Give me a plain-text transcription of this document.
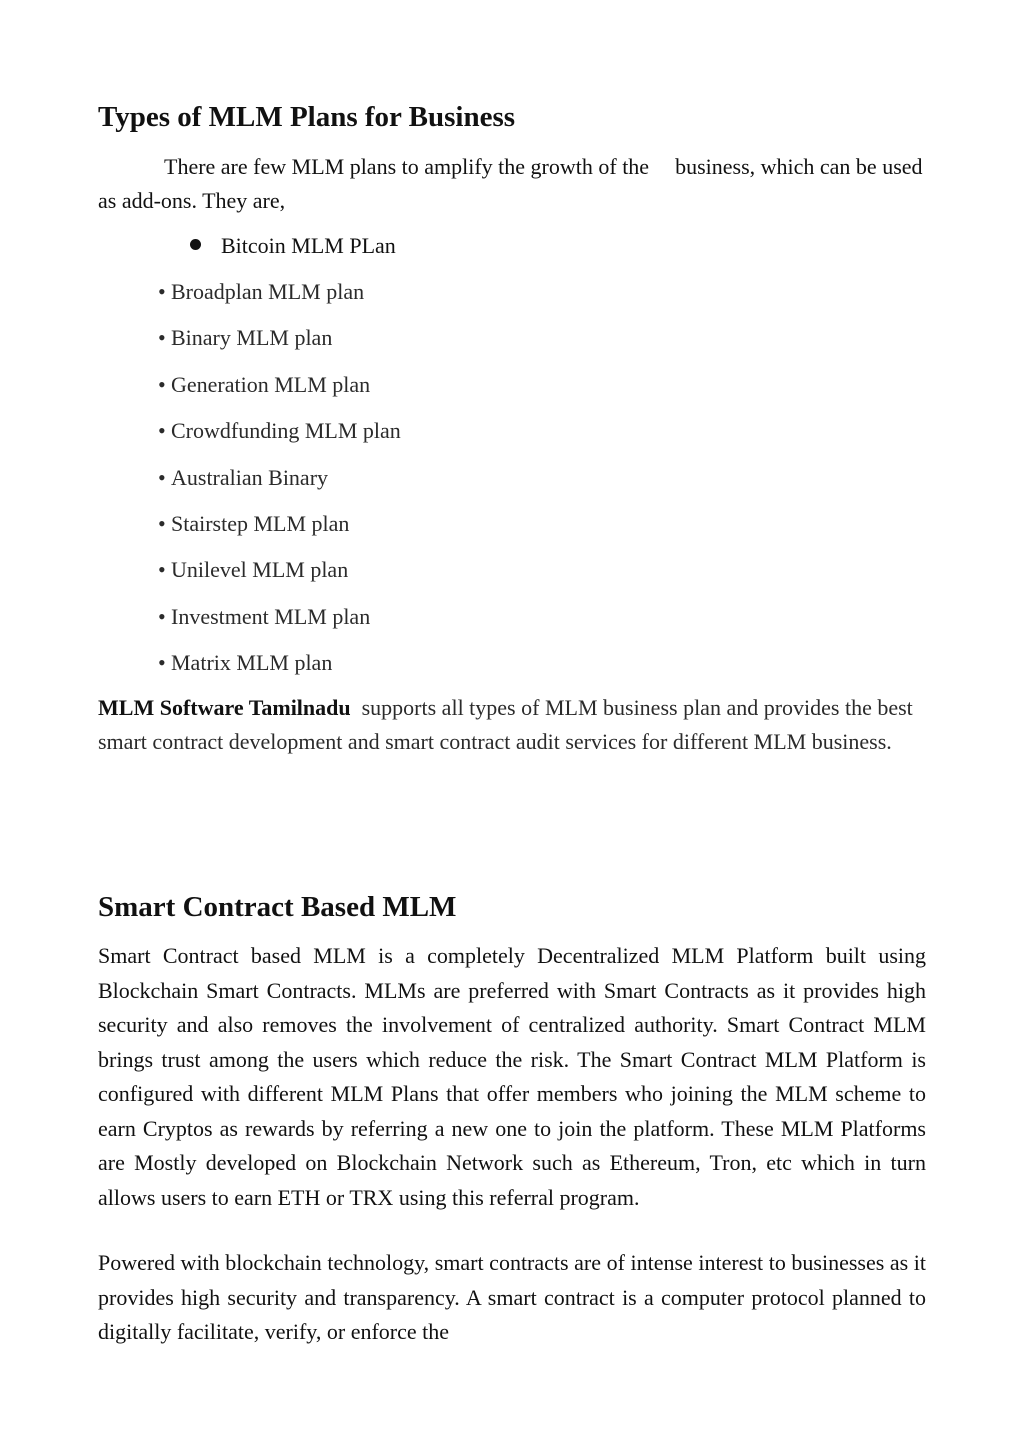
Types of MLM Plans for Business

There are few MLM plans to amplify the growth of the business, which can be used as add-ons. They are,

Bitcoin MLM PLan
• Broadplan MLM plan
• Binary MLM plan
• Generation MLM plan
• Crowdfunding MLM plan
• Australian Binary
• Stairstep MLM plan
• Unilevel MLM plan
• Investment MLM plan
• Matrix MLM plan

MLM Software Tamilnadu supports all types of MLM business plan and provides the best smart contract development and smart contract audit services for different MLM business.

Smart Contract Based MLM

Smart Contract based MLM is a completely Decentralized MLM Platform built using Blockchain Smart Contracts. MLMs are preferred with Smart Contracts as it provides high security and also removes the involvement of centralized authority. Smart Contract MLM brings trust among the users which reduce the risk. The Smart Contract MLM Platform is configured with different MLM Plans that offer members who joining the MLM scheme to earn Cryptos as rewards by referring a new one to join the platform. These MLM Platforms are Mostly developed on Blockchain Network such as Ethereum, Tron, etc which in turn allows users to earn ETH or TRX using this referral program.

Powered with blockchain technology, smart contracts are of intense interest to businesses as it provides high security and transparency. A smart contract is a computer protocol planned to digitally facilitate, verify, or enforce the
